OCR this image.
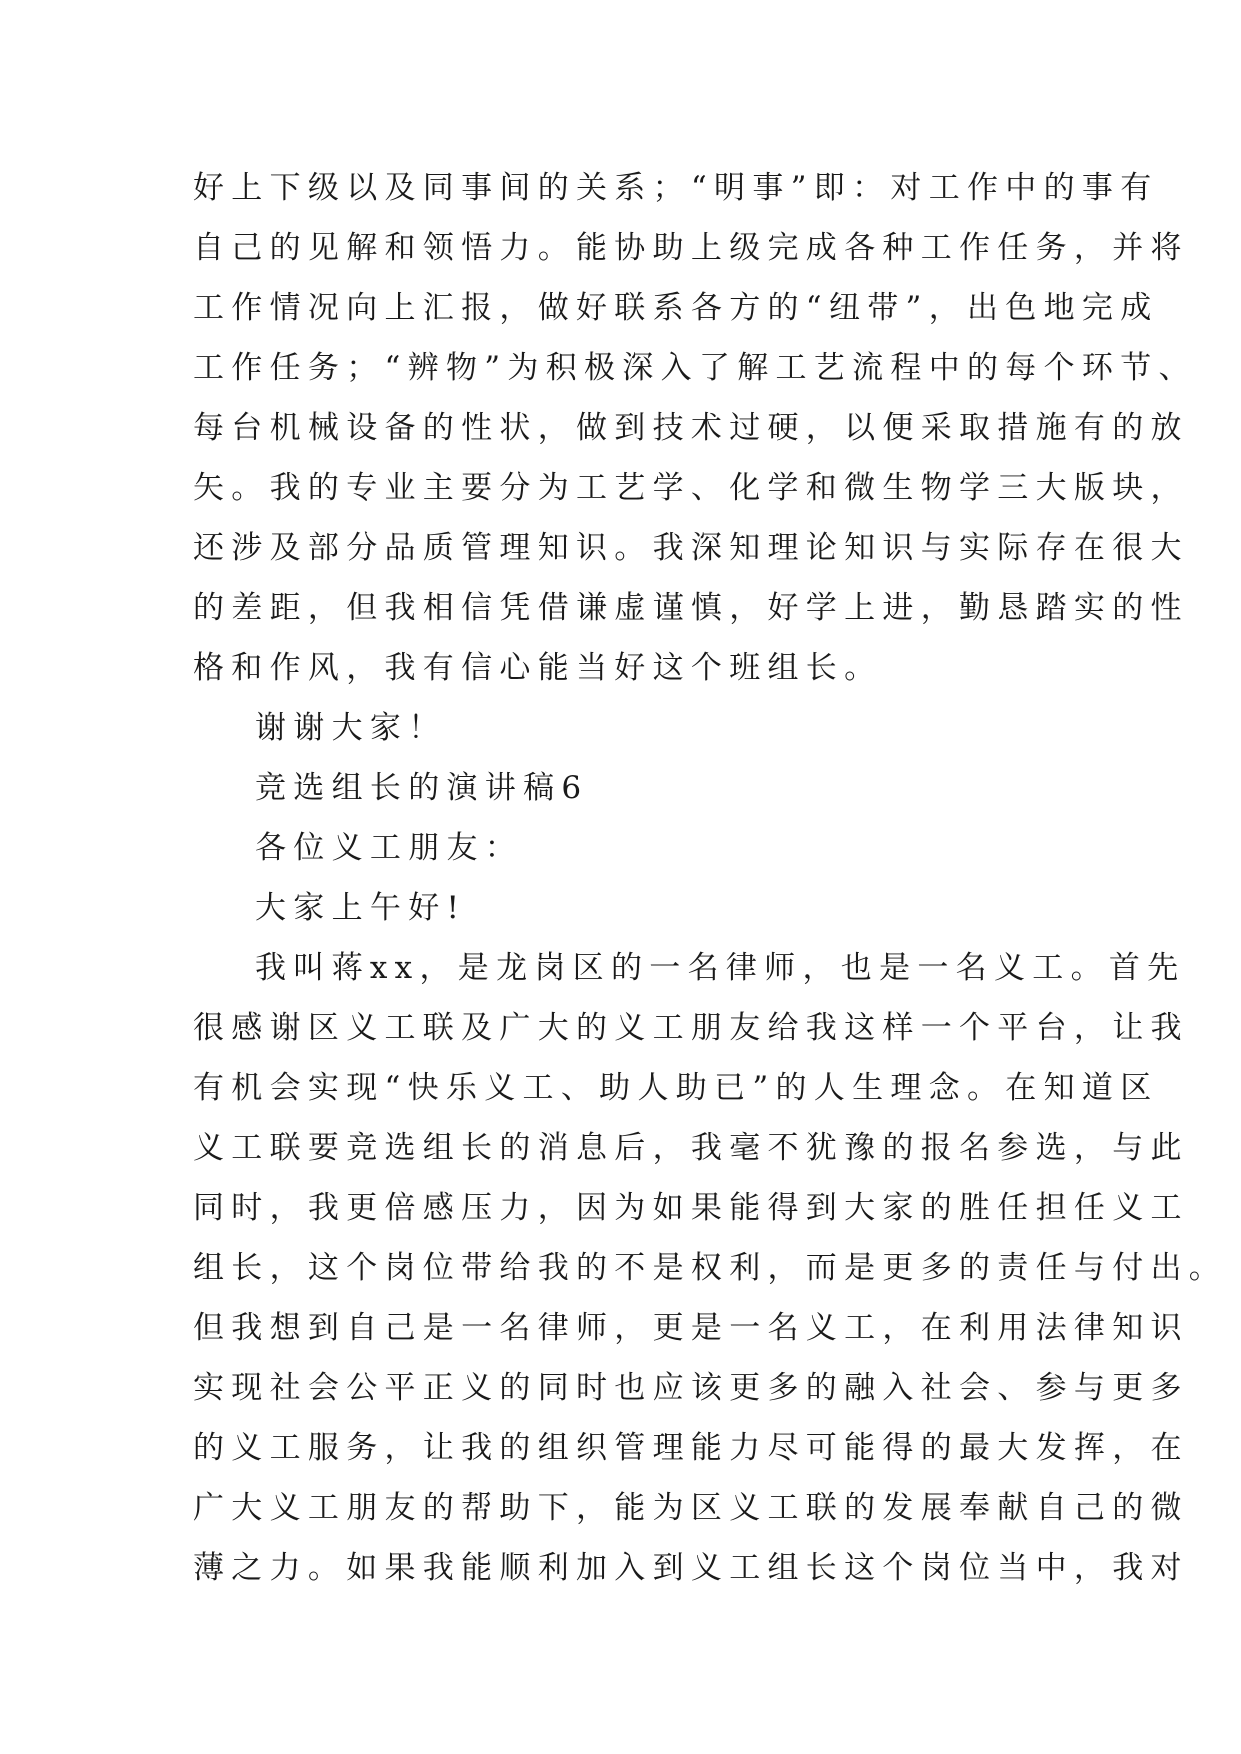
好上下级以及同事间的关系；“明事”即：对工作中的事有
自己的见解和领悟力。能协助上级完成各种工作任务，并将
工作情况向上汇报，做好联系各方的“纽带”，出色地完成
工作任务；“辨物”为积极深入了解工艺流程中的每个环节、
每台机械设备的性状，做到技术过硬，以便采取措施有的放
矢。我的专业主要分为工艺学、化学和微生物学三大版块，
还涉及部分品质管理知识。我深知理论知识与实际存在很大
的差距，但我相信凭借谦虚谨慎，好学上进，勤恳踏实的性
格和作风，我有信心能当好这个班组长。
谢谢大家！
竞选组长的演讲稿6
各位义工朋友：
大家上午好!
我叫蒋xx，是龙岗区的一名律师，也是一名义工。首先
很感谢区义工联及广大的义工朋友给我这样一个平台，让我
有机会实现“快乐义工、助人助已”的人生理念。在知道区
义工联要竞选组长的消息后，我毫不犹豫的报名参选，与此
同时，我更倍感压力，因为如果能得到大家的胜任担任义工
组长，这个岗位带给我的不是权利，而是更多的责任与付出。
但我想到自己是一名律师，更是一名义工，在利用法律知识
实现社会公平正义的同时也应该更多的融入社会、参与更多
的义工服务，让我的组织管理能力尽可能得的最大发挥，在
广大义工朋友的帮助下，能为区义工联的发展奉献自己的微
薄之力。如果我能顺利加入到义工组长这个岗位当中，我对
